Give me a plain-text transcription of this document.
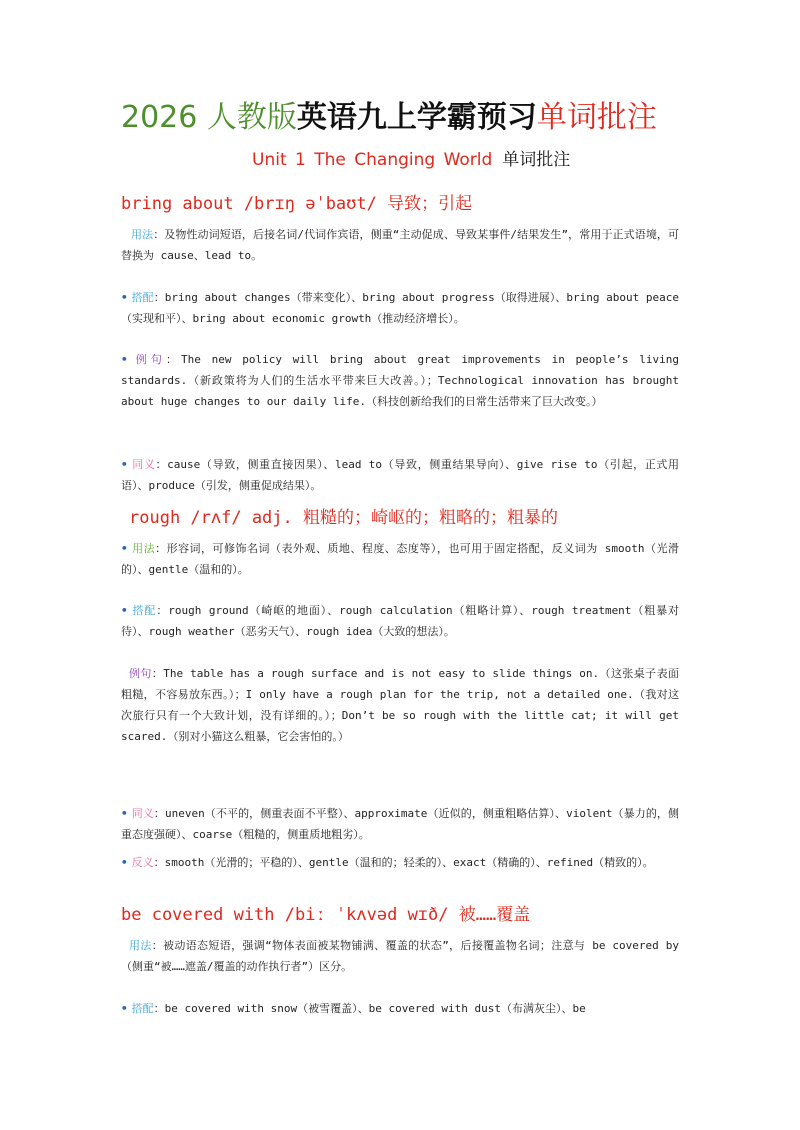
2026 人教版英语九上学霸预习单词批注
Unit 1 The Changing World 单词批注
bring about /brɪŋ əˈbaʊt/ 导致；引起
用法：及物性动词短语，后接名词/代词作宾语，侧重“主动促成、导致某事件/结果发生”，常用于正式语境，可替换为 cause、lead to。
• 搭配：bring about changes（带来变化）、bring about progress（取得进展）、bring about peace（实现和平）、bring about economic growth（推动经济增长）。
• 例句：The new policy will bring about great improvements in people’s living standards.（新政策将为人们的生活水平带来巨大改善。）；Technological innovation has brought about huge changes to our daily life.（科技创新给我们的日常生活带来了巨大改变。）
• 同义：cause（导致，侧重直接因果）、lead to（导致，侧重结果导向）、give rise to（引起，正式用语）、produce（引发，侧重促成结果）。
rough /rʌf/ adj. 粗糙的；崎岖的；粗略的；粗暴的
• 用法：形容词，可修饰名词（表外观、质地、程度、态度等），也可用于固定搭配，反义词为 smooth（光滑的）、gentle（温和的）。
• 搭配：rough ground（崎岖的地面）、rough calculation（粗略计算）、rough treatment（粗暴对待）、rough weather（恶劣天气）、rough idea（大致的想法）。
例句：The table has a rough surface and is not easy to slide things on.（这张桌子表面粗糙，不容易放东西。）；I only have a rough plan for the trip, not a detailed one.（我对这次旅行只有一个大致计划，没有详细的。）；Don’t be so rough with the little cat; it will get scared.（别对小猫这么粗暴，它会害怕的。）
• 同义：uneven（不平的，侧重表面不平整）、approximate（近似的，侧重粗略估算）、violent（暴力的，侧重态度强硬）、coarse（粗糙的，侧重质地粗劣）。
• 反义：smooth（光滑的；平稳的）、gentle（温和的；轻柔的）、exact（精确的）、refined（精致的）。
be covered with /biː ˈkʌvəd wɪð/ 被……覆盖
用法：被动语态短语，强调“物体表面被某物铺满、覆盖的状态”，后接覆盖物名词；注意与 be covered by（侧重“被……遮盖/覆盖的动作执行者”）区分。
• 搭配：be covered with snow（被雪覆盖）、be covered with dust（布满灰尘）、be
